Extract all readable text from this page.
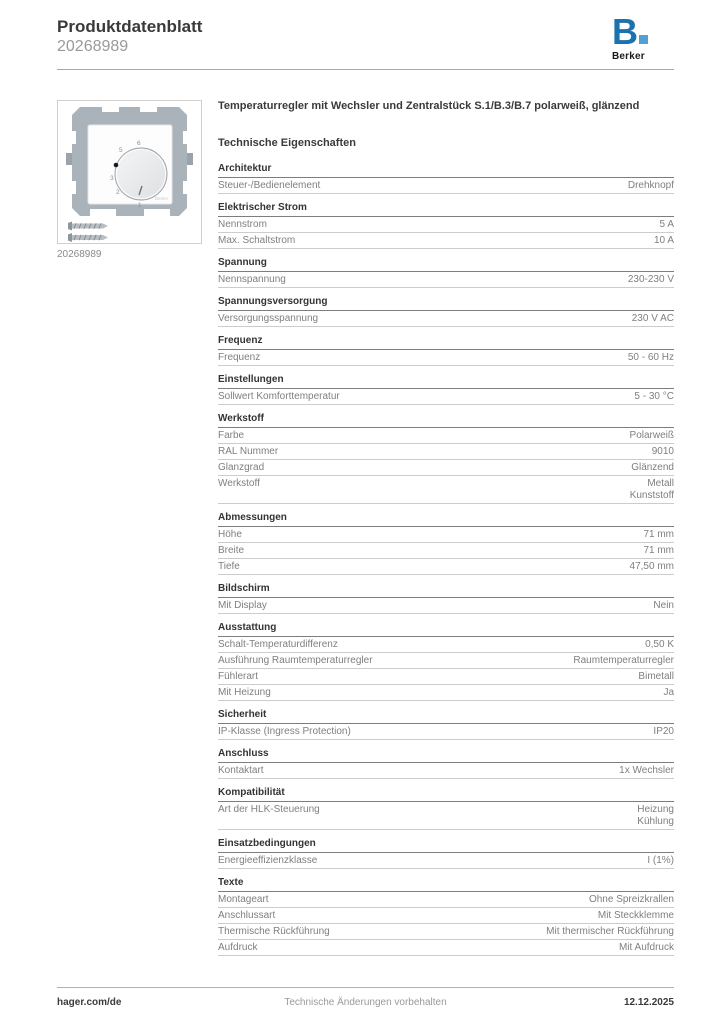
Produktdatenblatt
20268989	B
Berker
Berker
6
5
3
2
1
20268989
Temperaturregler mit Wechsler und Zentralstück S.1/B.3/B.7 polarweiß, glänzend
Technische Eigenschaften
Architektur
Steuer-/Bedienelement	Drehknopf
Elektrischer Strom
Nennstrom	5 A
Max. Schaltstrom	10 A
Spannung
Nennspannung	230-230 V
Spannungsversorgung
Versorgungsspannung	230 V AC
Frequenz
Frequenz	50 - 60 Hz
Einstellungen
Sollwert Komforttemperatur	5 - 30 °C
Werkstoff
Farbe	Polarweiß
RAL Nummer	9010
Glanzgrad	Glänzend
Werkstoff	Metall
Kunststoff
Abmessungen
Höhe	71 mm
Breite	71 mm
Tiefe	47,50 mm
Bildschirm
Mit Display	Nein
Ausstattung
Schalt-Temperaturdifferenz	0,50 K
Ausführung Raumtemperaturregler	Raumtemperaturregler
Fühlerart	Bimetall
Mit Heizung	Ja
Sicherheit
IP-Klasse (Ingress Protection)	IP20
Anschluss
Kontaktart	1x Wechsler
Kompatibilität
Art der HLK-Steuerung	Heizung
Kühlung
Einsatzbedingungen
Energieeffizienzklasse	I (1%)
Texte
Montageart	Ohne Spreizkrallen
Anschlussart	Mit Steckklemme
Thermische Rückführung	Mit thermischer Rückführung
Aufdruck	Mit Aufdruck
hager.com/de	Technische Änderungen vorbehalten	12.12.2025
